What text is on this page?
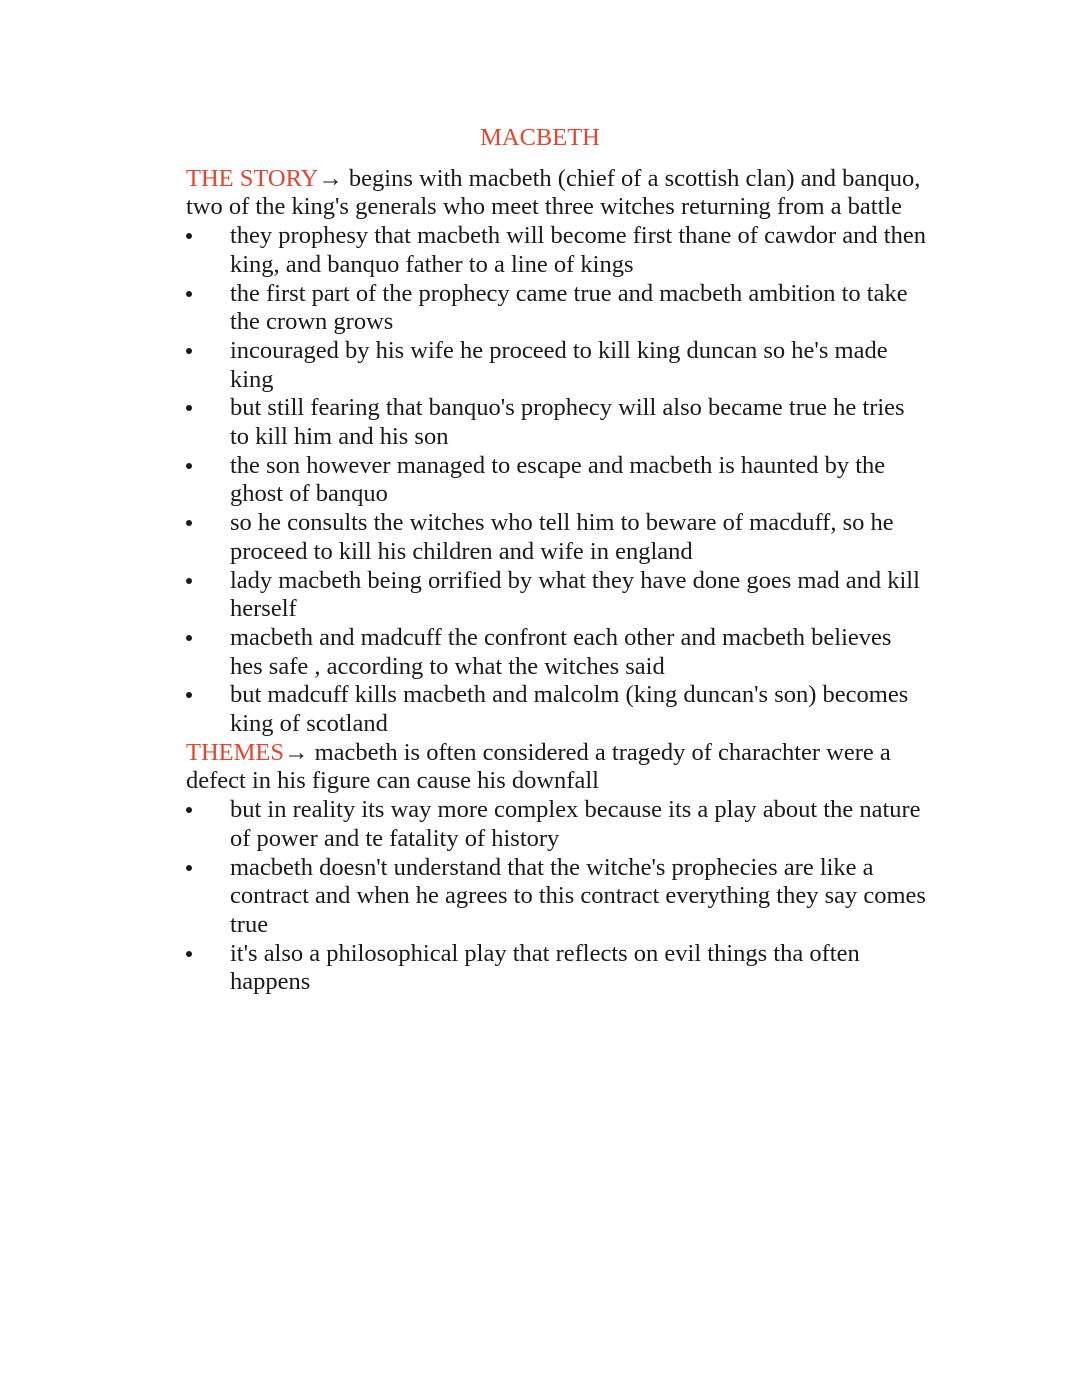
MACBETH

THE STORY→ begins with macbeth (chief of a scottish clan) and banquo, two of the king's generals who meet three witches returning from a battle

they prophesy that macbeth will become first thane of cawdor and then king, and banquo father to a line of kings
the first part of the prophecy came true and macbeth ambition to take the crown grows
incouraged by his wife he proceed to kill king duncan so he's made king
but still fearing that banquo's prophecy will also became true he tries to kill him and his son
the son however managed to escape and macbeth is haunted by the ghost of banquo
so he consults the witches who tell him to beware of macduff, so he proceed to kill his children and wife in england
lady macbeth being orrified by what they have done goes mad and kill herself
macbeth and madcuff the confront each other and macbeth believes hes safe , according to what the witches said
but madcuff kills macbeth and malcolm (king duncan's son) becomes king of scotland

THEMES→ macbeth is often considered a tragedy of charachter were a defect in his figure can cause his downfall

but in reality its way more complex because its a play about the nature of power and te fatality of history
macbeth doesn't understand that the witche's prophecies are like a contract and when he agrees to this contract everything they say comes true
it's also a philosophical play that reflects on evil things tha often happens
